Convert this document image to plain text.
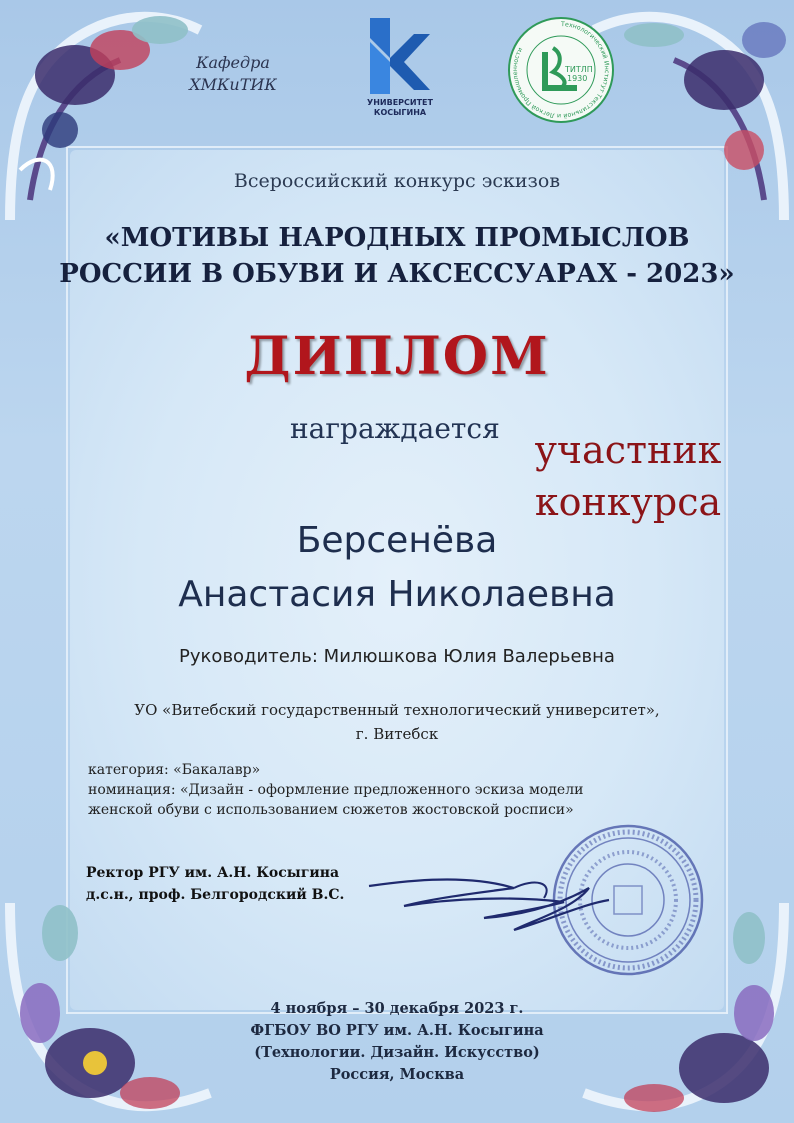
Кафедра
ХМКиТИК
УНИВЕРСИТЕТ
КОСЫГИНА
ТИТЛП
1930
Технологический Институт Текстильной и Легкой Промышленности
Всероссийский конкурс эскизов
«МОТИВЫ НАРОДНЫХ ПРОМЫСЛОВ
РОССИИ В ОБУВИ И АКСЕССУАРАХ - 2023»
ДИПЛОМ
награждается участник
конкурса
Берсенёва
Анастасия Николаевна
Руководитель: Милюшкова Юлия Валерьевна
УО «Витебский государственный технологический университет»,
г. Витебск
категория: «Бакалавр»
номинация: «Дизайн - оформление предложенного эскиза модели
женской обуви с использованием сюжетов жостовской росписи»
Ректор РГУ им. А.Н. Косыгина
д.с.н., проф. Белгородский В.С.
4 ноября – 30 декабря 2023 г.
ФГБОУ ВО РГУ им. А.Н. Косыгина
(Технологии. Дизайн. Искусство)
Россия, Москва
